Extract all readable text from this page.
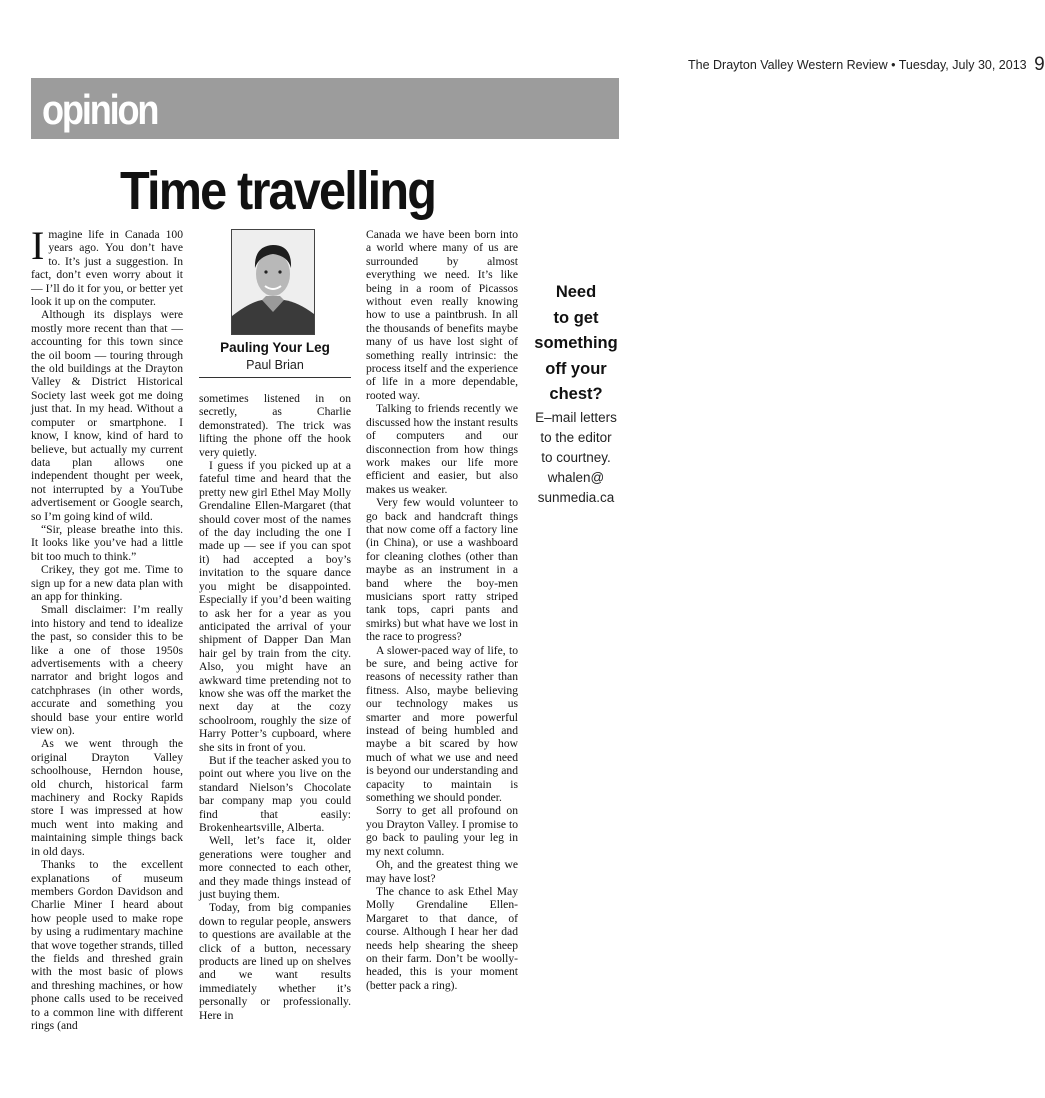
The Drayton Valley Western Review • Tuesday, July 30, 2013 9
opinion
Time travelling

Imagine life in Canada 100 years ago. You don’t have to. It’s just a suggestion. In fact, don’t even worry about it — I’ll do it for you, or better yet look it up on the computer.

Although its displays were mostly more recent than that — accounting for this town since the oil boom — touring through the old buildings at the Drayton Valley & District Historical Society last week got me doing just that. In my head. Without a computer or smartphone. I know, I know, kind of hard to believe, but actually my current data plan allows one independent thought per week, not interrupted by a YouTube advertisement or Google search, so I’m going kind of wild.

“Sir, please breathe into this. It looks like you’ve had a little bit too much to think.”

Crikey, they got me. Time to sign up for a new data plan with an app for thinking.

Small disclaimer: I’m really into history and tend to idealize the past, so consider this to be like a one of those 1950s advertisements with a cheery narrator and bright logos and catchphrases (in other words, accurate and something you should base your entire world view on).

As we went through the original Drayton Valley schoolhouse, Herndon house, old church, historical farm machinery and Rocky Rapids store I was impressed at how much went into making and maintaining simple things back in old days.

Thanks to the excellent explanations of museum members Gordon Davidson and Charlie Miner I heard about how people used to make rope by using a rudimentary machine that wove together strands, tilled the fields and threshed grain with the most basic of plows and threshing machines, or how phone calls used to be received to a common line with different rings (and

Pauling Your Leg
Paul Brian

sometimes listened in on secretly, as Charlie demonstrated). The trick was lifting the phone off the hook very quietly.

I guess if you picked up at a fateful time and heard that the pretty new girl Ethel May Molly Grendaline Ellen-Margaret (that should cover most of the names of the day including the one I made up — see if you can spot it) had accepted a boy’s invitation to the square dance you might be disappointed. Especially if you’d been waiting to ask her for a year as you anticipated the arrival of your shipment of Dapper Dan Man hair gel by train from the city. Also, you might have an awkward time pretending not to know she was off the market the next day at the cozy schoolroom, roughly the size of Harry Potter’s cupboard, where she sits in front of you.

But if the teacher asked you to point out where you live on the standard Nielson’s Chocolate bar company map you could find that easily: Brokenheartsville, Alberta.

Well, let’s face it, older generations were tougher and more connected to each other, and they made things instead of just buying them.

Today, from big companies down to regular people, answers to questions are available at the click of a button, necessary products are lined up on shelves and we want results immediately whether it’s personally or professionally. Here in

Canada we have been born into a world where many of us are surrounded by almost everything we need. It’s like being in a room of Picassos without even really knowing how to use a paintbrush. In all the thousands of benefits maybe many of us have lost sight of something really intrinsic: the process itself and the experience of life in a more dependable, rooted way.

Talking to friends recently we discussed how the instant results of computers and our disconnection from how things work makes our life more efficient and easier, but also makes us weaker.

Very few would volunteer to go back and handcraft things that now come off a factory line (in China), or use a washboard for cleaning clothes (other than maybe as an instrument in a band where the boy-men musicians sport ratty striped tank tops, capri pants and smirks) but what have we lost in the race to progress?

A slower-paced way of life, to be sure, and being active for reasons of necessity rather than fitness. Also, maybe believing our technology makes us smarter and more powerful instead of being humbled and maybe a bit scared by how much of what we use and need is beyond our understanding and capacity to maintain is something we should ponder.

Sorry to get all profound on you Drayton Valley. I promise to go back to pauling your leg in my next column.

Oh, and the greatest thing we may have lost?

The chance to ask Ethel May Molly Grendaline Ellen-Margaret to that dance, of course. Although I hear her dad needs help shearing the sheep on their farm. Don’t be woolly-headed, this is your moment (better pack a ring).

Need
to get
something
off your
chest?
E–mail letters
to the editor
to courtney.
whalen@
sunmedia.ca
